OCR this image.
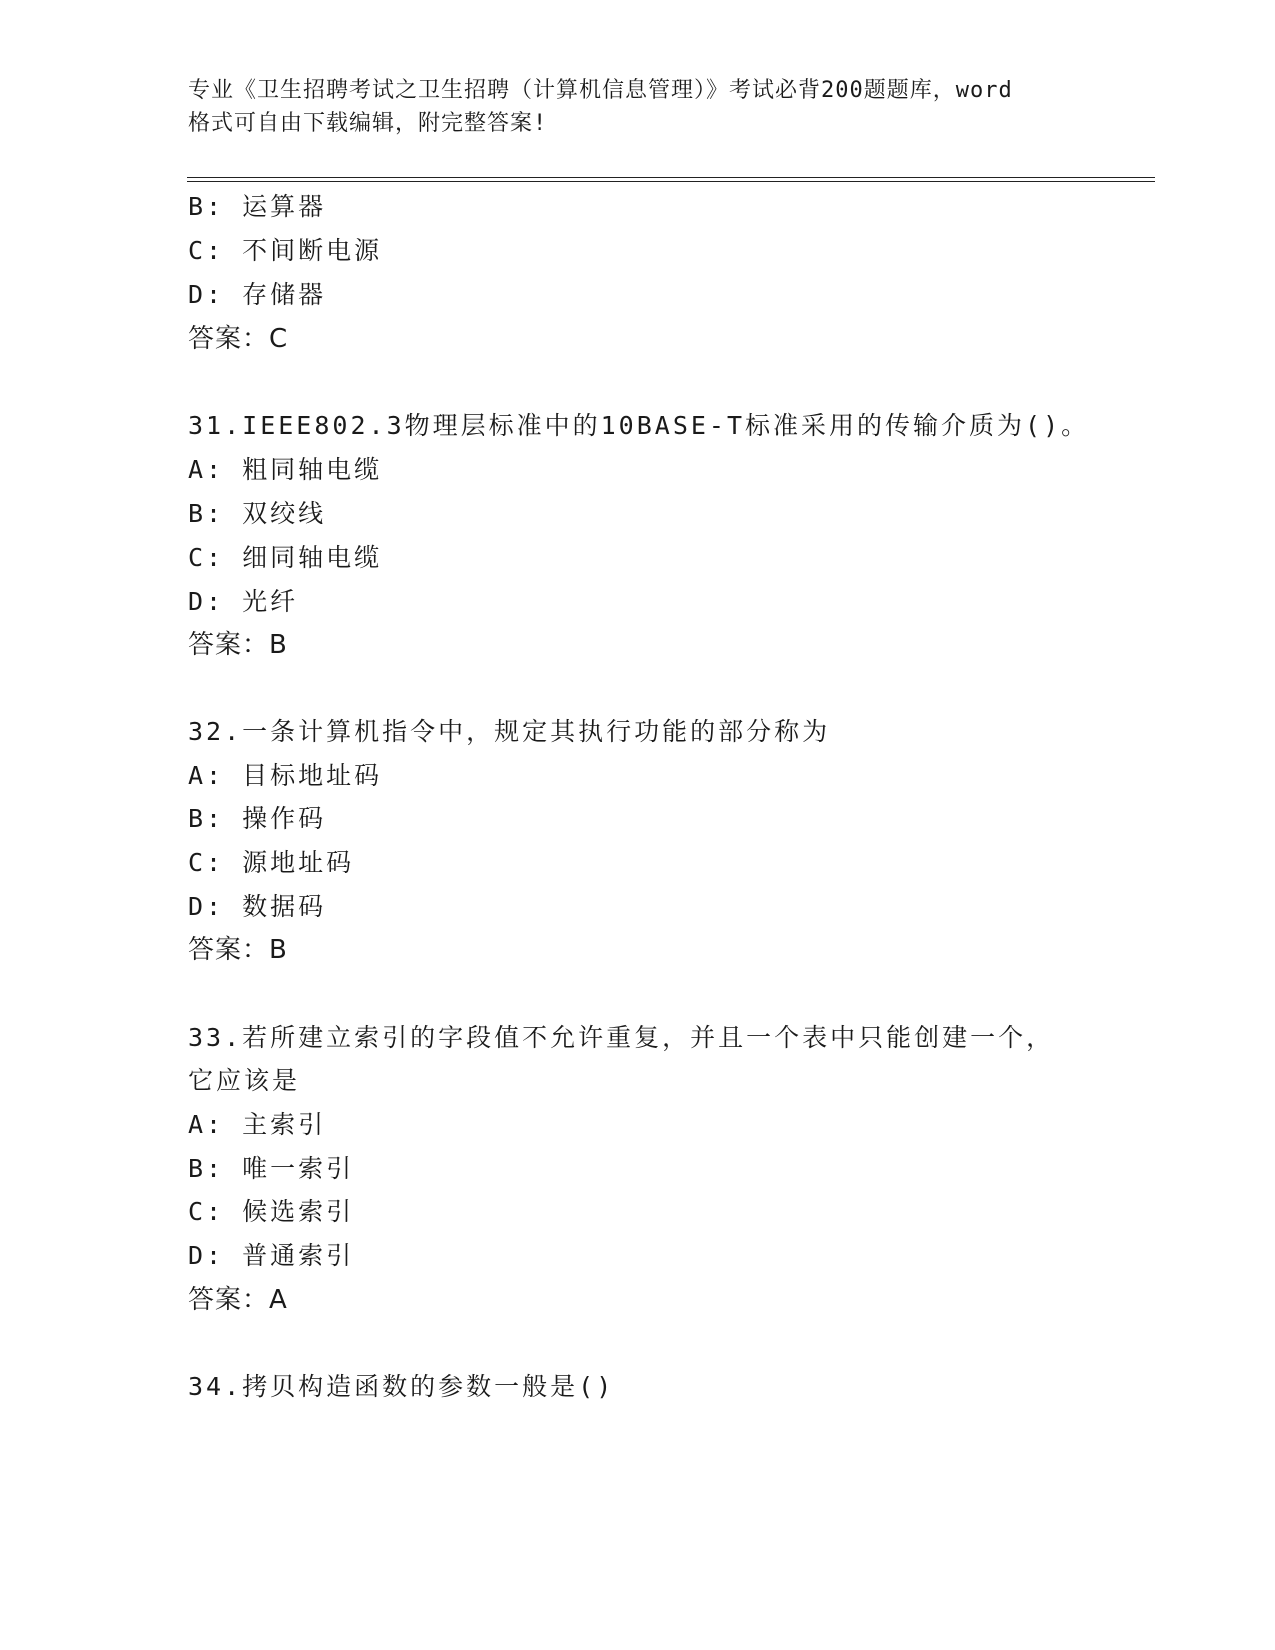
专业《卫生招聘考试之卫生招聘（计算机信息管理）》考试必背200题题库，word
格式可自由下载编辑，附完整答案!
B: 运算器
C: 不间断电源
D: 存储器
答案：C
31.IEEE802.3物理层标准中的10BASE-T标准采用的传输介质为()。
A: 粗同轴电缆
B: 双绞线
C: 细同轴电缆
D: 光纤
答案：B
32.一条计算机指令中，规定其执行功能的部分称为
A: 目标地址码
B: 操作码
C: 源地址码
D: 数据码
答案：B
33.若所建立索引的字段值不允许重复，并且一个表中只能创建一个，
它应该是
A: 主索引
B: 唯一索引
C: 候选索引
D: 普通索引
答案：A
34.拷贝构造函数的参数一般是()
